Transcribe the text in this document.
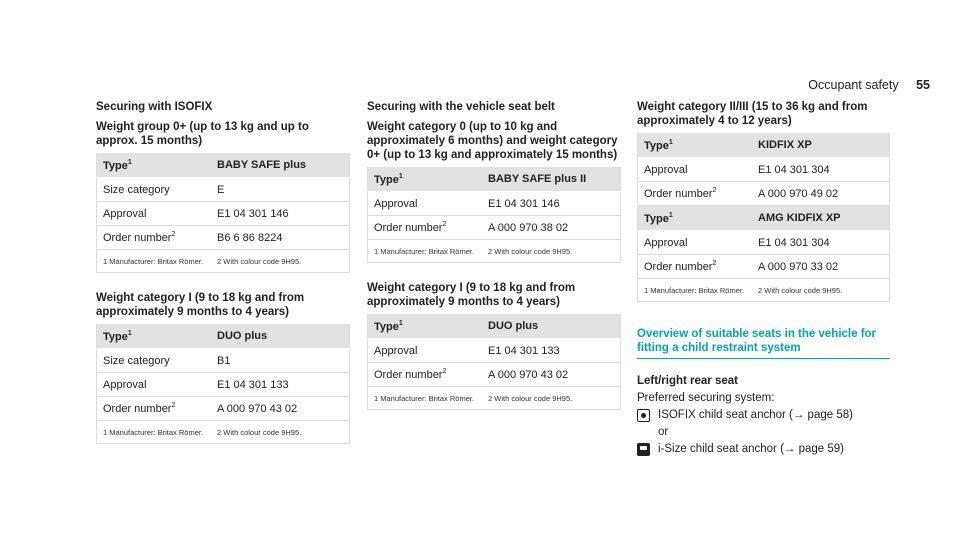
Occupant safety 55
Securing with ISOFIX
Weight group 0+ (up to 13 kg and up to approx. 15 months)
Type$^1$	BABY SAFE plus
Size category	E
Approval	E1 04 301 146
Order number$^2$	B6 6 86 8224
1 Manufacturer: Britax Römer.	2 With colour code 9H95.
Weight category I (9 to 18 kg and from approximately 9 months to 4 years)
Type$^1$	DUO plus
Size category	B1
Approval	E1 04 301 133
Order number$^2$	A 000 970 43 02
1 Manufacturer: Britax Römer.	2 With colour code 9H95.
Securing with the vehicle seat belt
Weight category 0 (up to 10 kg and approximately 6 months) and weight category 0+ (up to 13 kg and approximately 15 months)
Type$^1$	BABY SAFE plus II
Approval	E1 04 301 146
Order number$^2$	A 000 970 38 02
1 Manufacturer: Britax Römer.	2 With colour code 9H95.
Weight category I (9 to 18 kg and from approximately 9 months to 4 years)
Type$^1$	DUO plus
Approval	E1 04 301 133
Order number$^2$	A 000 970 43 02
1 Manufacturer: Britax Römer.	2 With colour code 9H95.
Weight category II/III (15 to 36 kg and from approximately 4 to 12 years)
Type$^1$	KIDFIX XP
Approval	E1 04 301 304
Order number$^2$	A 000 970 49 02
Type$^1$	AMG KIDFIX XP
Approval	E1 04 301 304
Order number$^2$	A 000 970 33 02
1 Manufacturer: Britax Römer.	2 With colour code 9H95.
Overview of suitable seats in the vehicle for fitting a child restraint system
Left/right rear seat
Preferred securing system:
ISOFIX child seat anchor (→ page 58)
or
i-Size child seat anchor (→ page 59)
